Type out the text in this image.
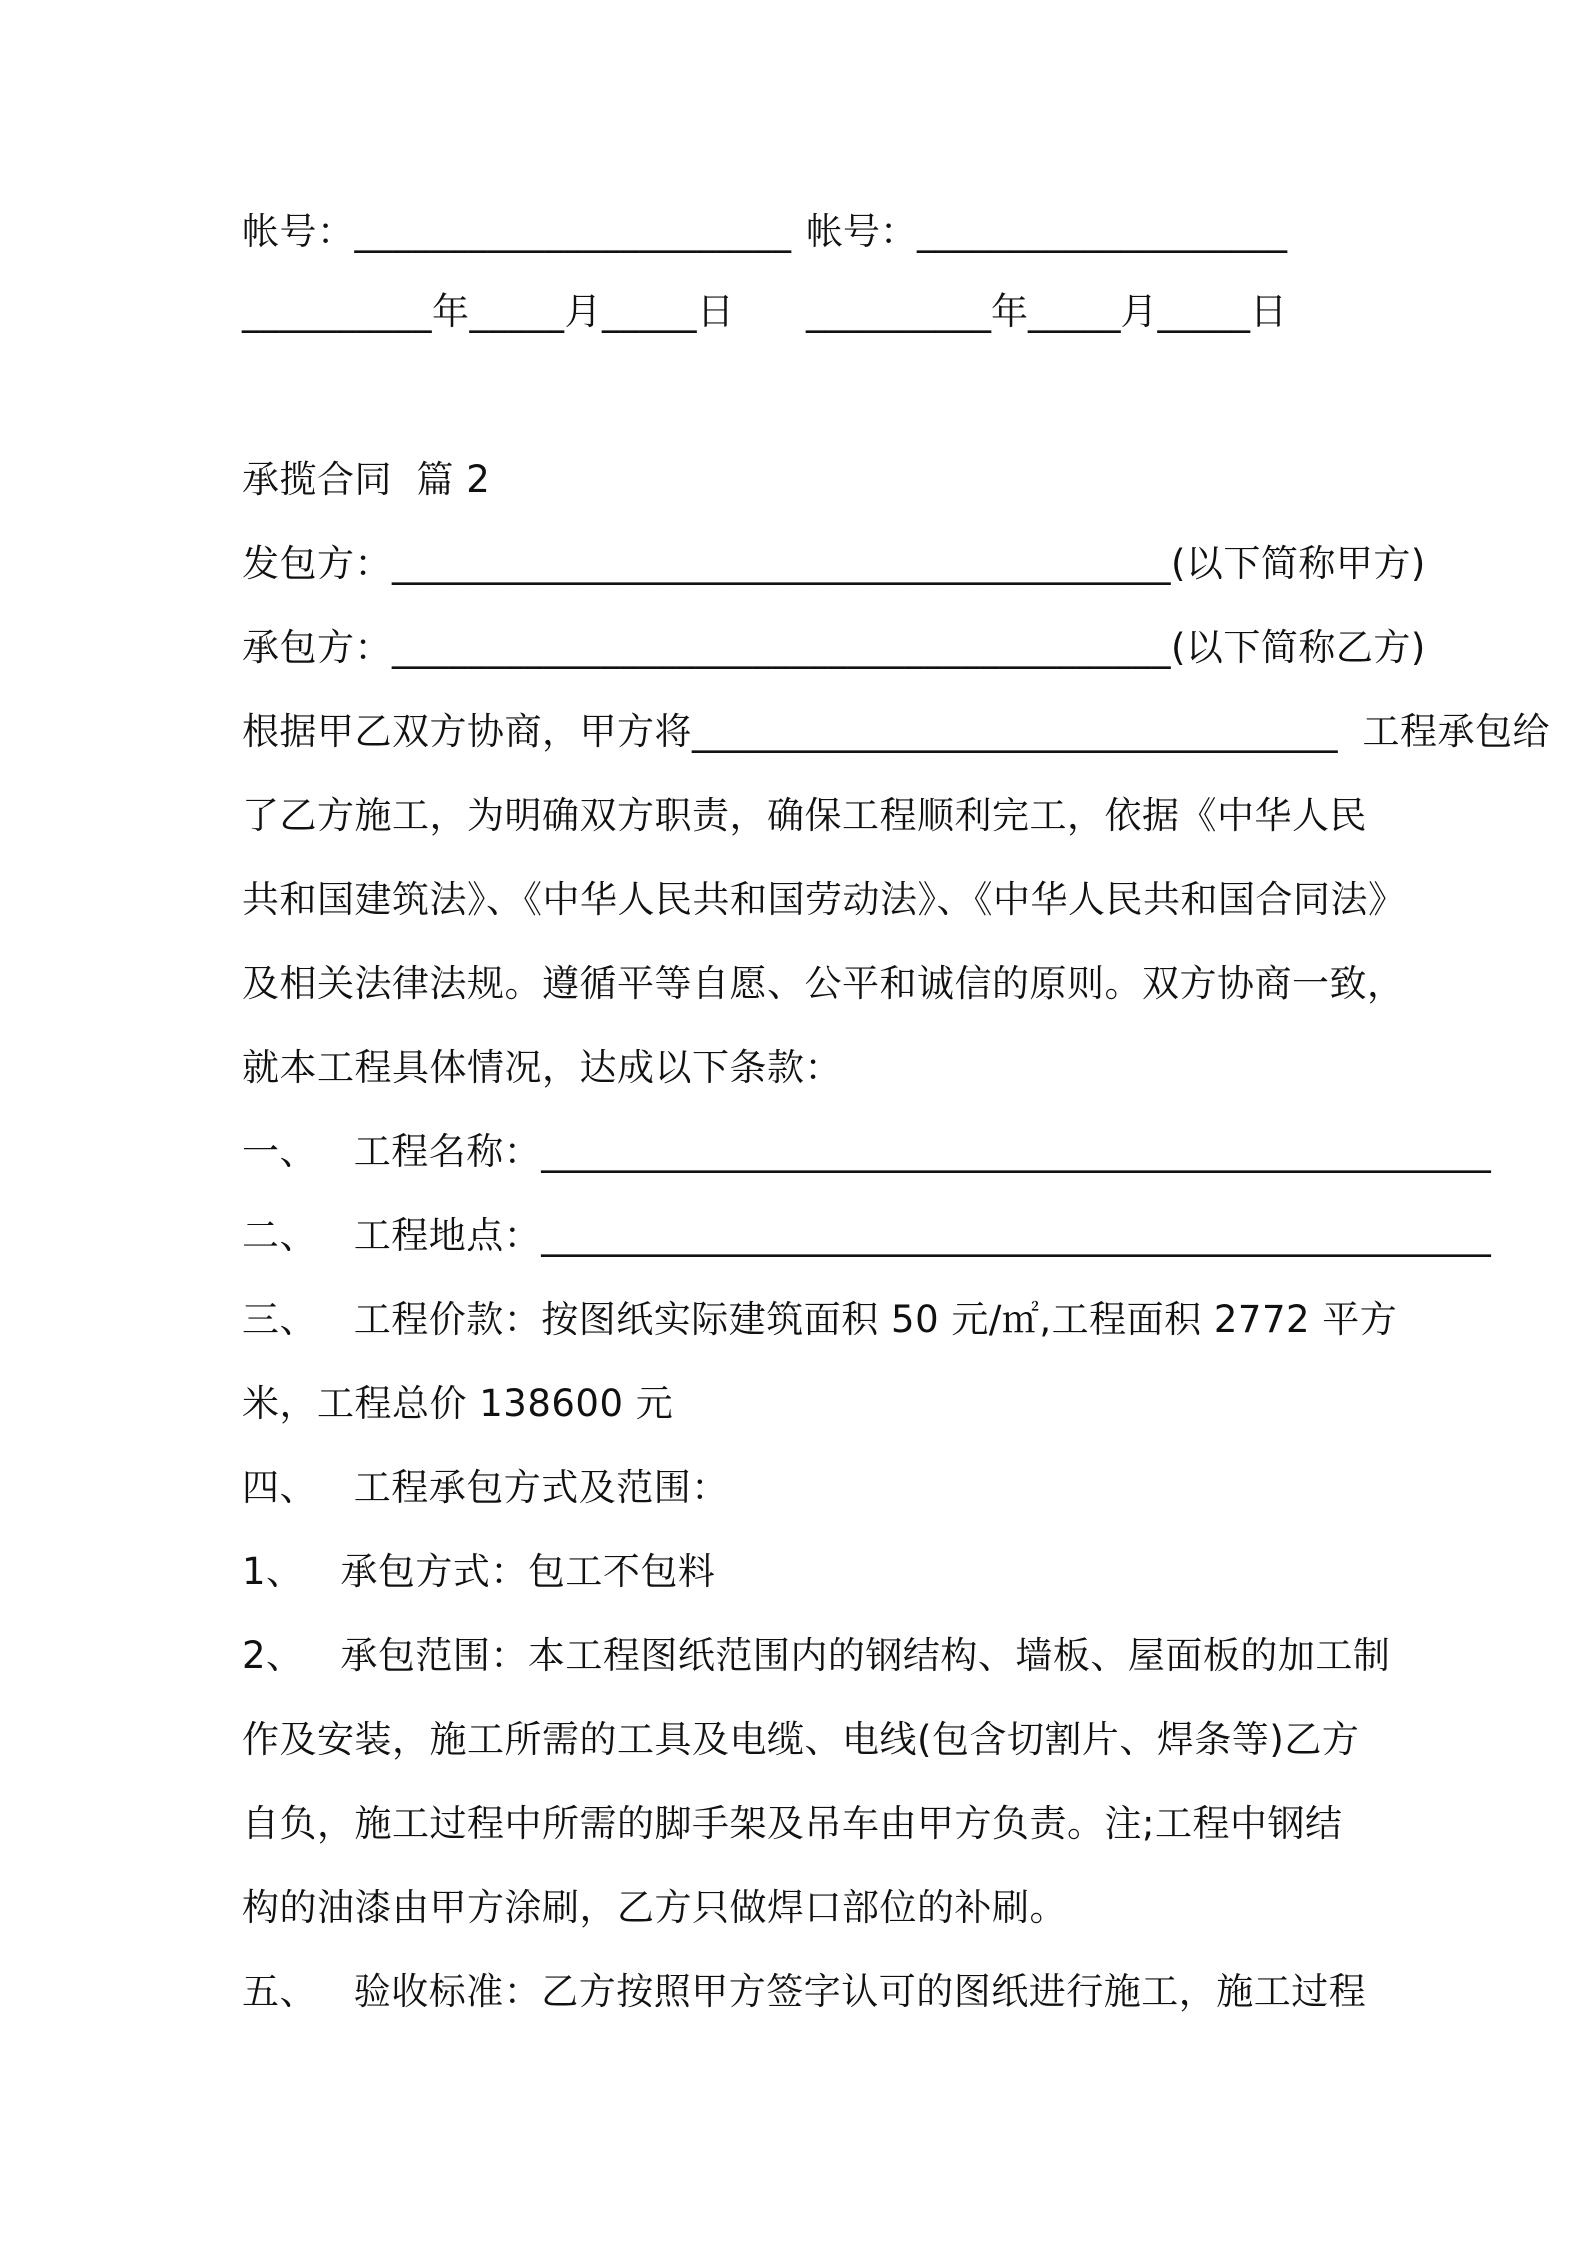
帐号：_______________________ 帐号：____________________
__________年_____月_____日 __________年_____月_____日
承揽合同  篇 2
发包方：_________________________________________(以下简称甲方)
承包方：_________________________________________(以下简称乙方)
根据甲乙双方协商，甲方将__________________________________  工程承包给
了乙方施工，为明确双方职责，确保工程顺利完工，依据《中华人民
共和国建筑法》、《中华人民共和国劳动法》、《中华人民共和国合同法》
及相关法律法规。遵循平等自愿、公平和诚信的原则。双方协商一致，
就本工程具体情况，达成以下条款：
一、   工程名称：__________________________________________________
二、   工程地点：__________________________________________________
三、   工程价款：按图纸实际建筑面积 50 元/㎡,工程面积 2772 平方
米，工程总价 138600 元
四、   工程承包方式及范围：
1、   承包方式：包工不包料
2、   承包范围：本工程图纸范围内的钢结构、墙板、屋面板的加工制
作及安装，施工所需的工具及电缆、电线(包含切割片、焊条等)乙方
自负，施工过程中所需的脚手架及吊车由甲方负责。注;工程中钢结
构的油漆由甲方涂刷，乙方只做焊口部位的补刷。
五、   验收标准：乙方按照甲方签字认可的图纸进行施工，施工过程
